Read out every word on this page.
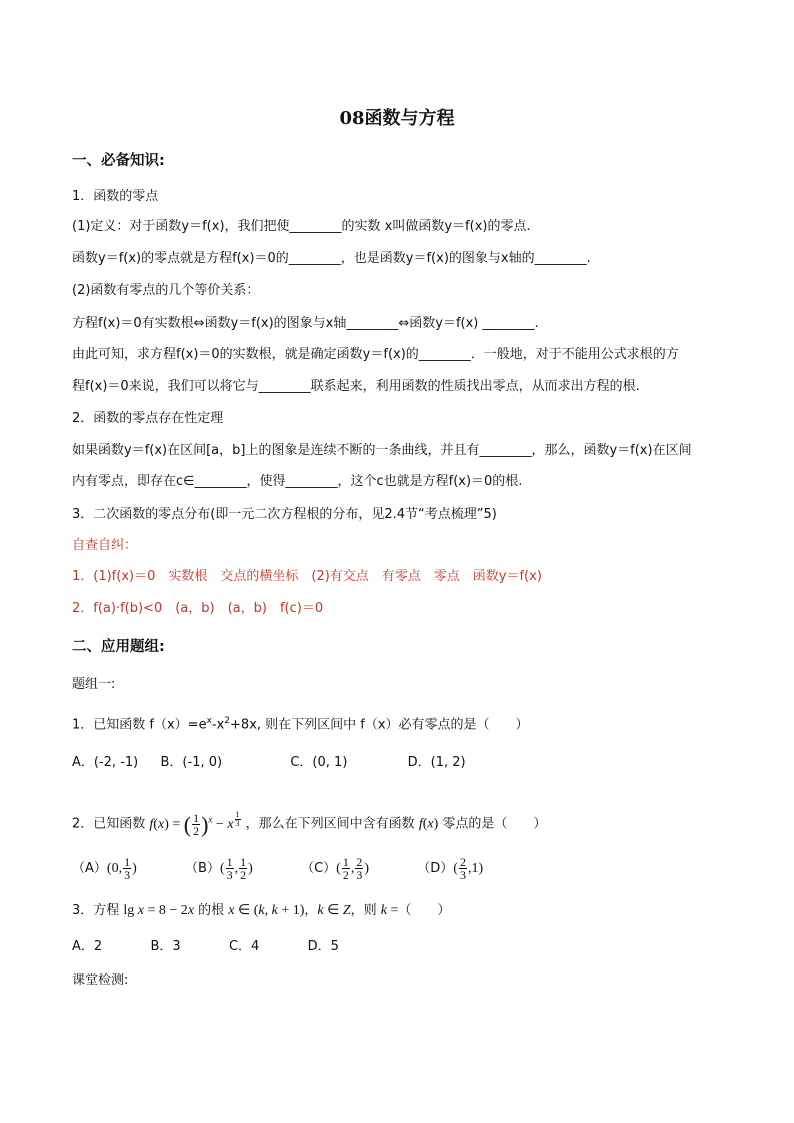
08函数与方程
一、必备知识:
1．函数的零点
(1)定义：对于函数y＝f(x)，我们把使________的实数 x叫做函数y＝f(x)的零点.
函数y＝f(x)的零点就是方程f(x)＝0的________，也是函数y＝f(x)的图象与x轴的________.
(2)函数有零点的几个等价关系：
方程f(x)＝0有实数根⇔函数y＝f(x)的图象与x轴________⇔函数y＝f(x) ________.
由此可知，求方程f(x)＝0的实数根，就是确定函数y＝f(x)的________．一般地，对于不能用公式求根的方
程f(x)＝0来说，我们可以将它与________联系起来，利用函数的性质找出零点，从而求出方程的根.
2．函数的零点存在性定理
如果函数y＝f(x)在区间[a，b]上的图象是连续不断的一条曲线，并且有________，那么，函数y＝f(x)在区间
内有零点，即存在c∈________，使得________，这个c也就是方程f(x)＝0的根.
3．二次函数的零点分布(即一元二次方程根的分布，见2.4节“考点梳理”5)
自查自纠：
1．(1)f(x)＝0　实数根　交点的横坐标　(2)有交点　有零点　零点　函数y＝f(x)
2．f(a)·f(b)<0　(a，b)　(a，b)　f(c)＝0
二、应用题组:
题组一:
1．已知函数 $f(x)=e^x-x^2+8x$, 则在下列区间中 f（x）必有零点的是（　　）
A．(-2, -1) B．(-1, 0)	C．(0, 1)	D．(1, 2)
2．已知函数 f(x) = ( $\frac{1}{2} )^x - x$ $^{\frac{1}{3}}$ ，那么在下列区间中含有函数 f(x) 零点的是（　　）
（A）(0, $\frac{1}{3}$ )	$(B)( \frac{1}{3}$ , $\frac{1}{2}$ )	$(C)( \frac{1}{2}$ , $\frac{2}{3}$ )	$(D)( \frac{2}{3} ,1)$
3．方程 lg x = 8 − 2x 的根 x ∈ (k, k + 1)，k ∈ Z，则 k =（　　）
A．2	B．3	C．4	D．5
课堂检测:
